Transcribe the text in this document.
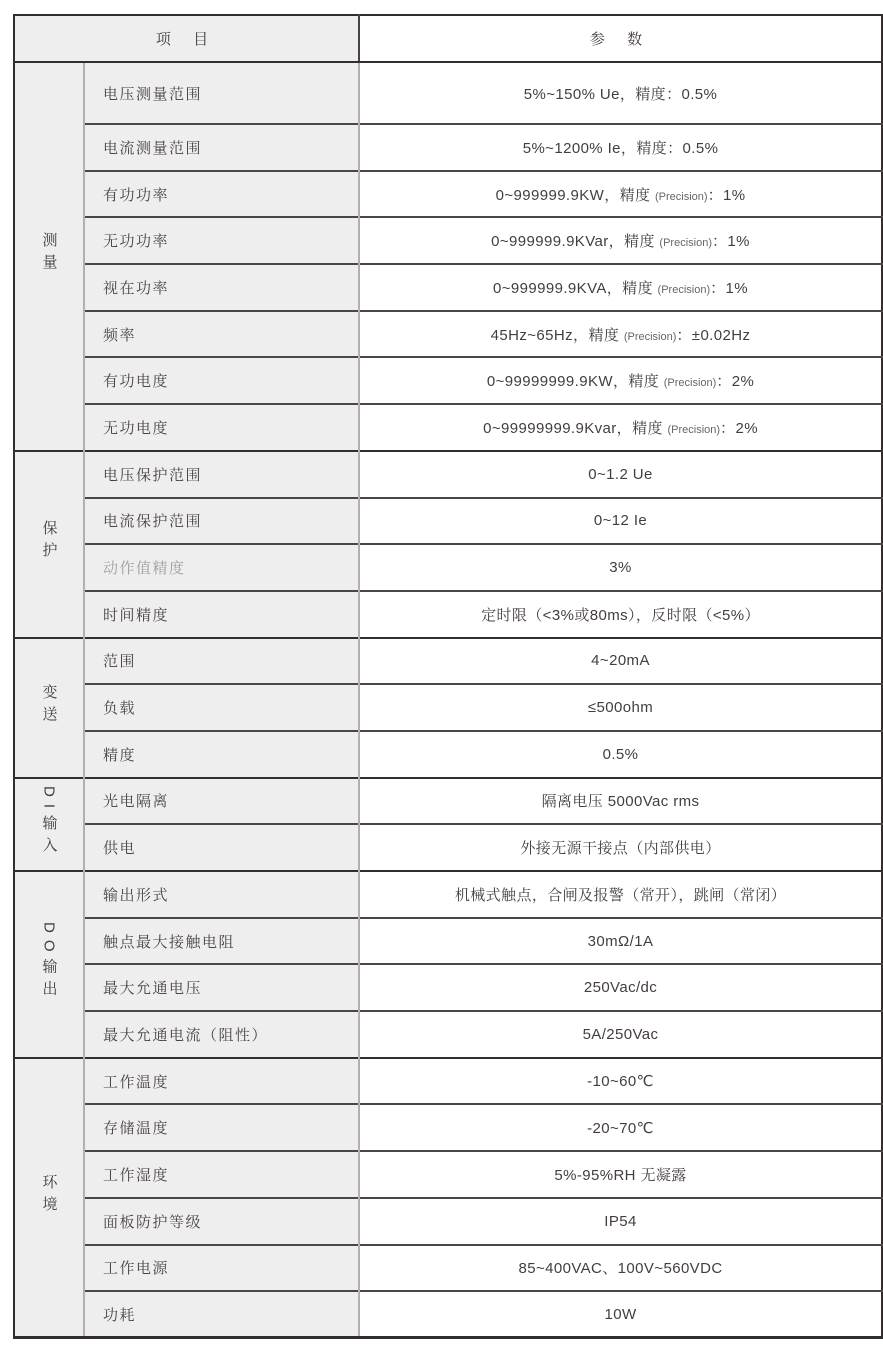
项 目		参 数
测量	电压测量范围	5%~150% Ue，精度：0.5%
	电流测量范围	5%~1200% Ie，精度：0.5%
	有功功率	0~999999.9KW，精度 (Precision)：1%
	无功功率	0~999999.9KVar，精度 (Precision)：1%
	视在功率	0~999999.9KVA，精度 (Precision)：1%
	频率	45Hz~65Hz，精度 (Precision)：±0.02Hz
	有功电度	0~99999999.9KW，精度 (Precision)：2%
	无功电度	0~99999999.9Kvar，精度 (Precision)：2%
保护	电压保护范围	0~1.2 Ue
	电流保护范围	0~12 Ie
	动作值精度	3%
	时间精度	定时限（<3%或80ms），反时限（<5%）
变送	范围	4~20mA
	负载	≤500ohm
	精度	0.5%
DI输入	光电隔离	隔离电压 5000Vac rms
	供电	外接无源干接点（内部供电）
DO输出	输出形式	机械式触点，合闸及报警（常开），跳闸（常闭）
	触点最大接触电阻	30mΩ/1A
	最大允通电压	250Vac/dc
	最大允通电流（阻性）	5A/250Vac
环境	工作温度	-10~60℃
	存储温度	-20~70℃
	工作湿度	5%-95%RH 无凝露
	面板防护等级	IP54
	工作电源	85~400VAC、100V~560VDC
	功耗	10W
